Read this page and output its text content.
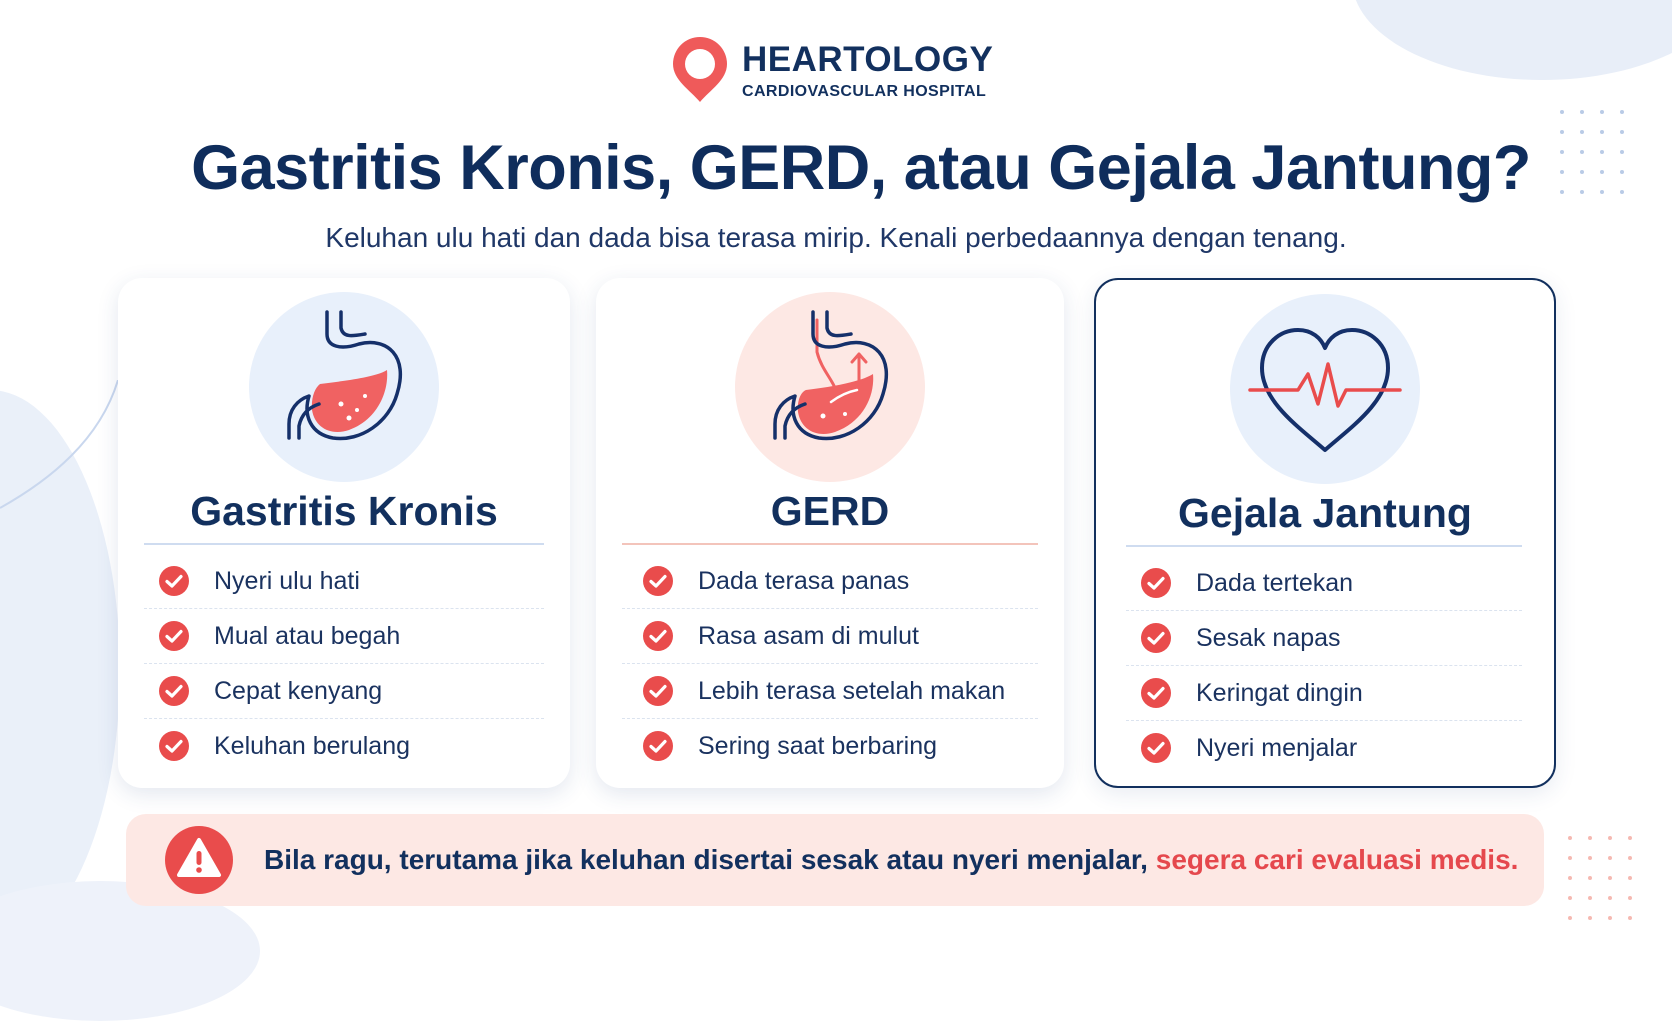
HEARTOLOGY
CARDIOVASCULAR HOSPITAL
Gastritis Kronis, GERD, atau Gejala Jantung?

Keluhan ulu hati dan dada bisa terasa mirip. Kenali perbedaannya dengan tenang.

Gastritis Kronis
Nyeri ulu hati
Mual atau begah
Cepat kenyang
Keluhan berulang
GERD
Dada terasa panas
Rasa asam di mulut
Lebih terasa setelah makan
Sering saat berbaring
Gejala Jantung
Dada tertekan
Sesak napas
Keringat dingin
Nyeri menjalar
Bila ragu, terutama jika keluhan disertai sesak atau nyeri menjalar, segera cari evaluasi medis.
